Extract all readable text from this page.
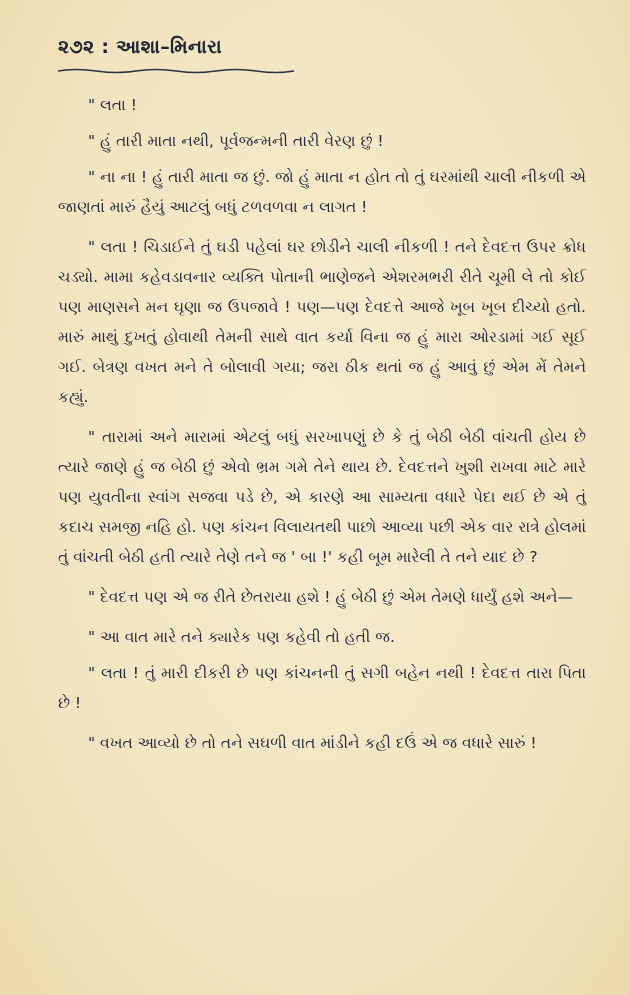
૨૭૨ : આશા–મિનારા

" લતા !

" હું તારી માતા નથી, પૂર્વજન્મની તારી વેરણ છું !

" ના ના ! હું તારી માતા જ છું. જો હું માતા ન હોત તો તું ઘરમાંથી ચાલી નીકળી એ જાણતાં મારું હૈયું આટલું બધું ટળવળવા ન લાગત !

" લતા ! ચિડાઈને તું ઘડી પહેલાં ઘર છોડીને ચાલી નીકળી ! તને દેવદત્ત ઉપર ક્રોધ ચડ્યો. મામા કહેવડાવનાર વ્યક્તિ પોતાની ભાણેજને એશરમભરી રીતે ચૂમી લે તો કોઈ પણ માણસને મન ઘૃણા જ ઉપજાવે ! પણ—પણ દેવદત્તે આજે ખૂબ ખૂબ દીચ્યો હતો. મારું માથું દુખતું હોવાથી તેમની સાથે વાત કર્યા વિના જ હું મારા ઓરડામાં ગઈ સૂઈ ગઈ. બેત્રણ વખત મને તે બોલાવી ગયા; જરા ઠીક થતાં જ હું આવું છું એમ મેં તેમને કહ્યું.

" તારામાં અને મારામાં એટલું બધું સરખાપણું છે કે તું બેઠી બેઠી વાંચતી હોય છે ત્યારે જાણે હું જ બેઠી છું એવો ભ્રમ ગમે તેને થાય છે. દેવદત્તને ખુશી રાખવા માટે મારે પણ યુવતીના સ્વાંગ સજવા પડે છે, એ કારણે આ સામ્યતા વધારે પેદા થઈ છે એ તું કદાચ સમજી નહિ હો. પણ કાંચન વિલાયતથી પાછો આવ્યા પછી એક વાર રાત્રે હોલમાં તું વાંચતી બેઠી હતી ત્યારે તેણે તને જ ' બા !' કહી બૂમ મારેલી તે તને યાદ છે ?

" દેવદત્ત પણ એ જ રીતે છેતરાયા હશે ! હું બેઠી છું એમ તેમણે ધાર્યું હશે અને—

" આ વાત મારે તને ક્યારેક પણ કહેવી તો હતી જ.

" લતા ! તું મારી દીકરી છે પણ કાંચનની તું સગી બહેન નથી ! દેવદત્ત તારા પિતા છે !

" વખત આવ્યો છે તો તને સઘળી વાત માંડીને કહી દઉં એ જ વધારે સારું !
